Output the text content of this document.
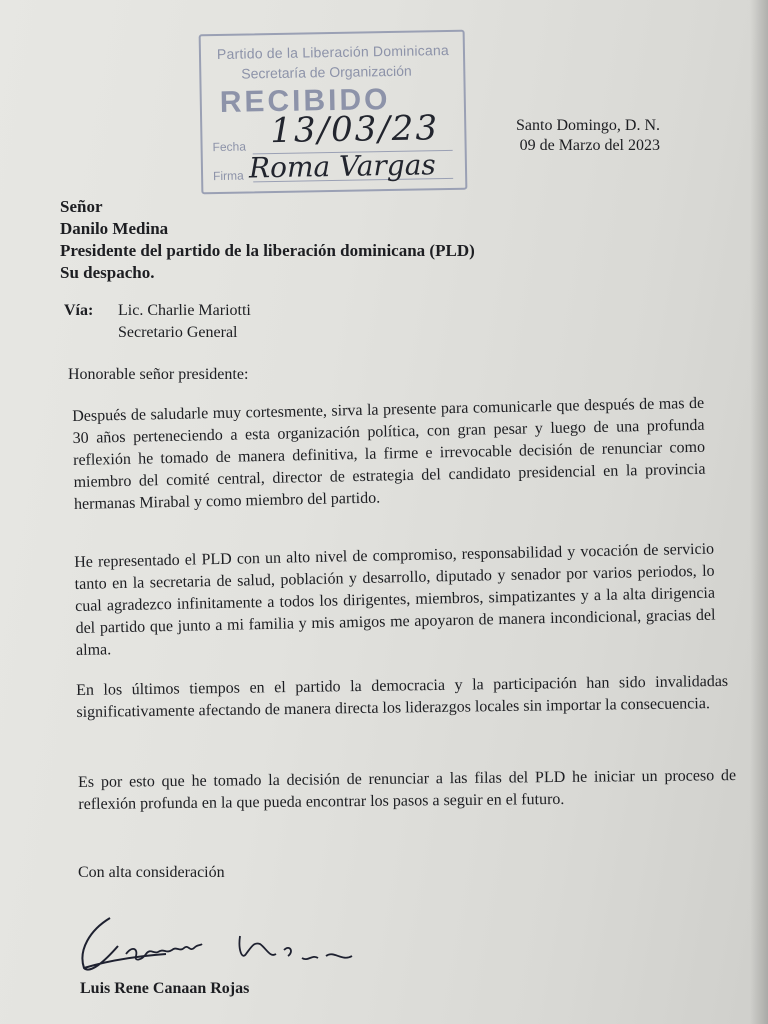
Partido de la Liberación Dominicana
Secretaría de Organización
RECIBIDO
Fecha
Firma
13/03/23
Roma Vargas
Santo Domingo, D. N.
09 de Marzo del 2023
Señor
Danilo Medina
Presidente del partido de la liberación dominicana (PLD)
Su despacho.
Vía: Lic. Charlie Mariotti
Secretario General
Honorable señor presidente:
Después de saludarle muy cortesmente, sirva la presente para comunicarle que después de mas de 30 años perteneciendo a esta organización política, con gran pesar y luego de una profunda reflexión he tomado de manera definitiva, la firme e irrevocable decisión de renunciar como miembro del comité central, director de estrategia del candidato presidencial en la provincia hermanas Mirabal y como miembro del partido.
He representado el PLD con un alto nivel de compromiso, responsabilidad y vocación de servicio tanto en la secretaria de salud, población y desarrollo, diputado y senador por varios periodos, lo cual agradezco infinitamente a todos los dirigentes, miembros, simpatizantes y a la alta dirigencia del partido que junto a mi familia y mis amigos me apoyaron de manera incondicional, gracias del alma.
En los últimos tiempos en el partido la democracia y la participación han sido invalidadas significativamente afectando de manera directa los liderazgos locales sin importar la consecuencia.
Es por esto que he tomado la decisión de renunciar a las filas del PLD he iniciar un proceso de reflexión profunda en la que pueda encontrar los pasos a seguir en el futuro.
Con alta consideración
Luis Rene Canaan Rojas
